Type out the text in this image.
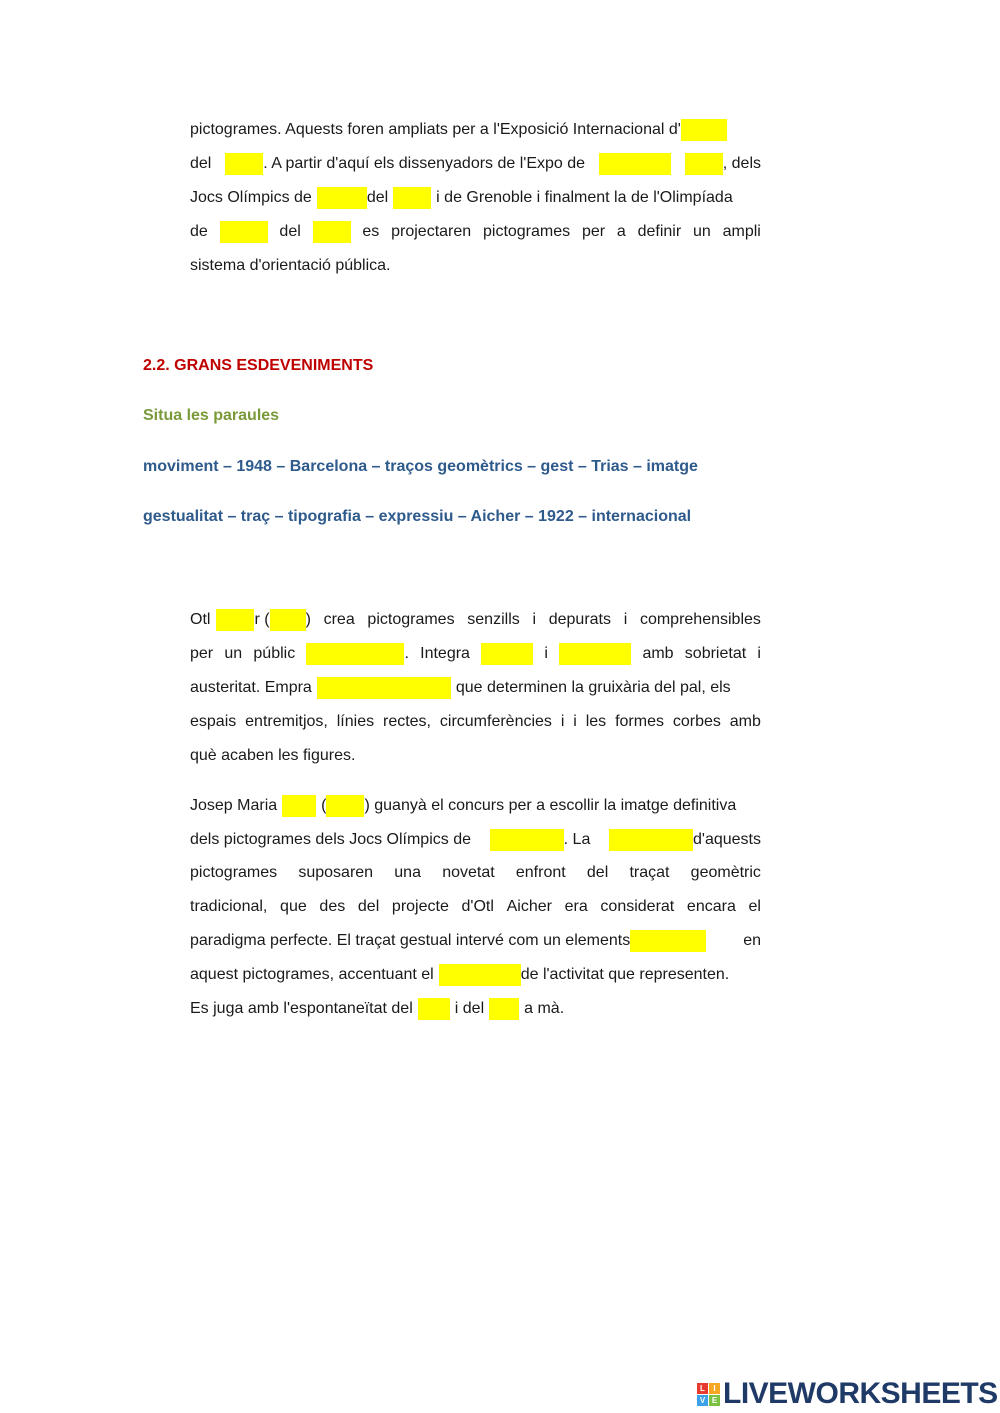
pictogrames. Aquests foren ampliats per a l'Exposició Internacional d'
del	. A partir d'aquí els dissenyadors de l'Expo de	, dels
Jocs Olímpics de	del	i de Grenoble i finalment la de l'Olimpíada
de	del	es projectaren pictogrames per a definir un ampli
sistema d'orientació pública.
2.2. GRANS ESDEVENIMENTS
Situa les paraules
moviment – 1948 – Barcelona – traços geomètrics – gest – Trias – imatge
gestualitat – traç – tipografia – expressiu – Aicher – 1922 – internacional
Otl	r ( ) crea pictogrames senzills i depurats i comprehensibles
per un públic	. Integra	i	amb sobrietat i
austeritat. Empra	que determinen la gruixària del pal, els
espais entremitjos, línies rectes, circumferències i i les formes corbes amb
què acaben les figures.
Josep Maria	( ) guanyà el concurs per a escollir la imatge definitiva
dels pictogrames dels Jocs Olímpics de	. La	d'aquests
pictogrames suposaren una novetat enfront del traçat geomètric
tradicional, que des del projecte d'Otl Aicher era considerat encara el
paradigma perfecte. El traçat gestual intervé com un elements	en
aquest pictogrames, accentuant el	de l'activitat que representen.
Es juga amb l'espontaneïtat del	i del	a mà.
L	I
V E LIVEWORKSHEETS
